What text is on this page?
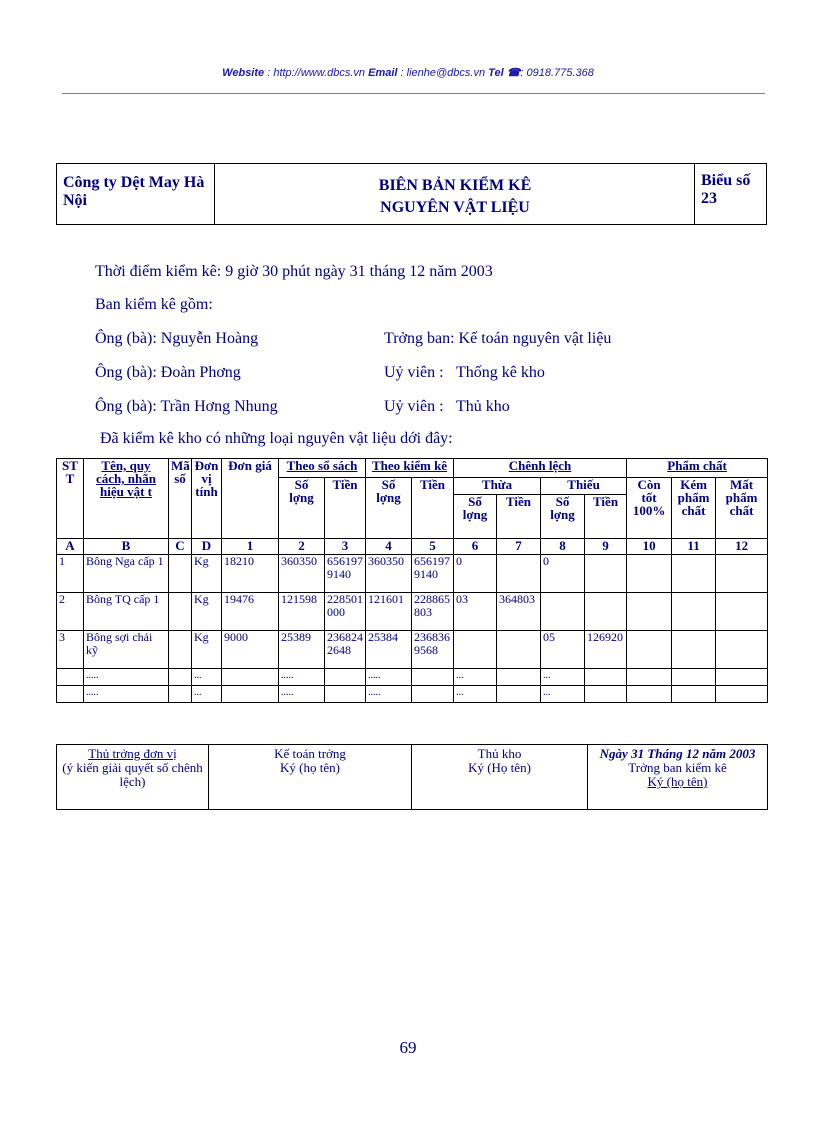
Website : http://www.dbcs.vn Email : lienhe@dbcs.vn Tel ☎: 0918.775.368
Công ty Dệt May Hà Nội
BIÊN BẢN KIỂM KÊ
NGUYÊN VẬT LIỆU
Biểu số 23
Thời điểm kiểm kê: 9 giờ 30 phút ngày 31 tháng 12 năm 2003
Ban kiểm kê gồm:
Ông (bà): Nguyễn Hoàng	Trởng ban: Kế toán nguyên vật liệu
Ông (bà): Đoàn Phơng	Uỷ viên : Thống kê kho
Ông (bà): Trần Hơng Nhung	Uỷ viên : Thủ kho
Đã kiểm kê kho có những loại nguyên vật liệu dới đây:
ST T	Tên, quy cách, nhãn hiệu vật t	Mã số	Đơn vị tính	Đơn giá	Theo sổ sách		Theo kiểm kê		Chênh lệch				Phẩm chất		
					Số lợng	Tiền	Số lợng	Tiền	Thừa		Thiếu		Còn tốt 100%	Kém phẩm chất	Mất phẩm chất
									Số lợng	Tiền	Số lợng	Tiền			
A	B	C	D	1	2	3	4	5	6	7	8	9	10	11	12
1	Bông Nga cấp 1		Kg	18210	360350	6561979140	360350	6561979140	0		0				
2	Bông TQ cấp 1		Kg	19476	121598	228501000	121601	228865803	03	364803					
3	Bông sợi chải kỹ		Kg	9000	25389	2368242648	25384	2368369568			05	126920			
	.....		...		.....		.....		...		...				
	.....		...		.....		.....		...		...				
Thủ trởng đơn vị
(ý kiến giải quyết số chênh lệch)

Kế toán trởng
Ký (họ tên)

Thủ kho
Ký (Họ tên)

Ngày 31 Tháng 12 năm 2003
Trởng ban kiểm kê
Ký (họ tên)
69
